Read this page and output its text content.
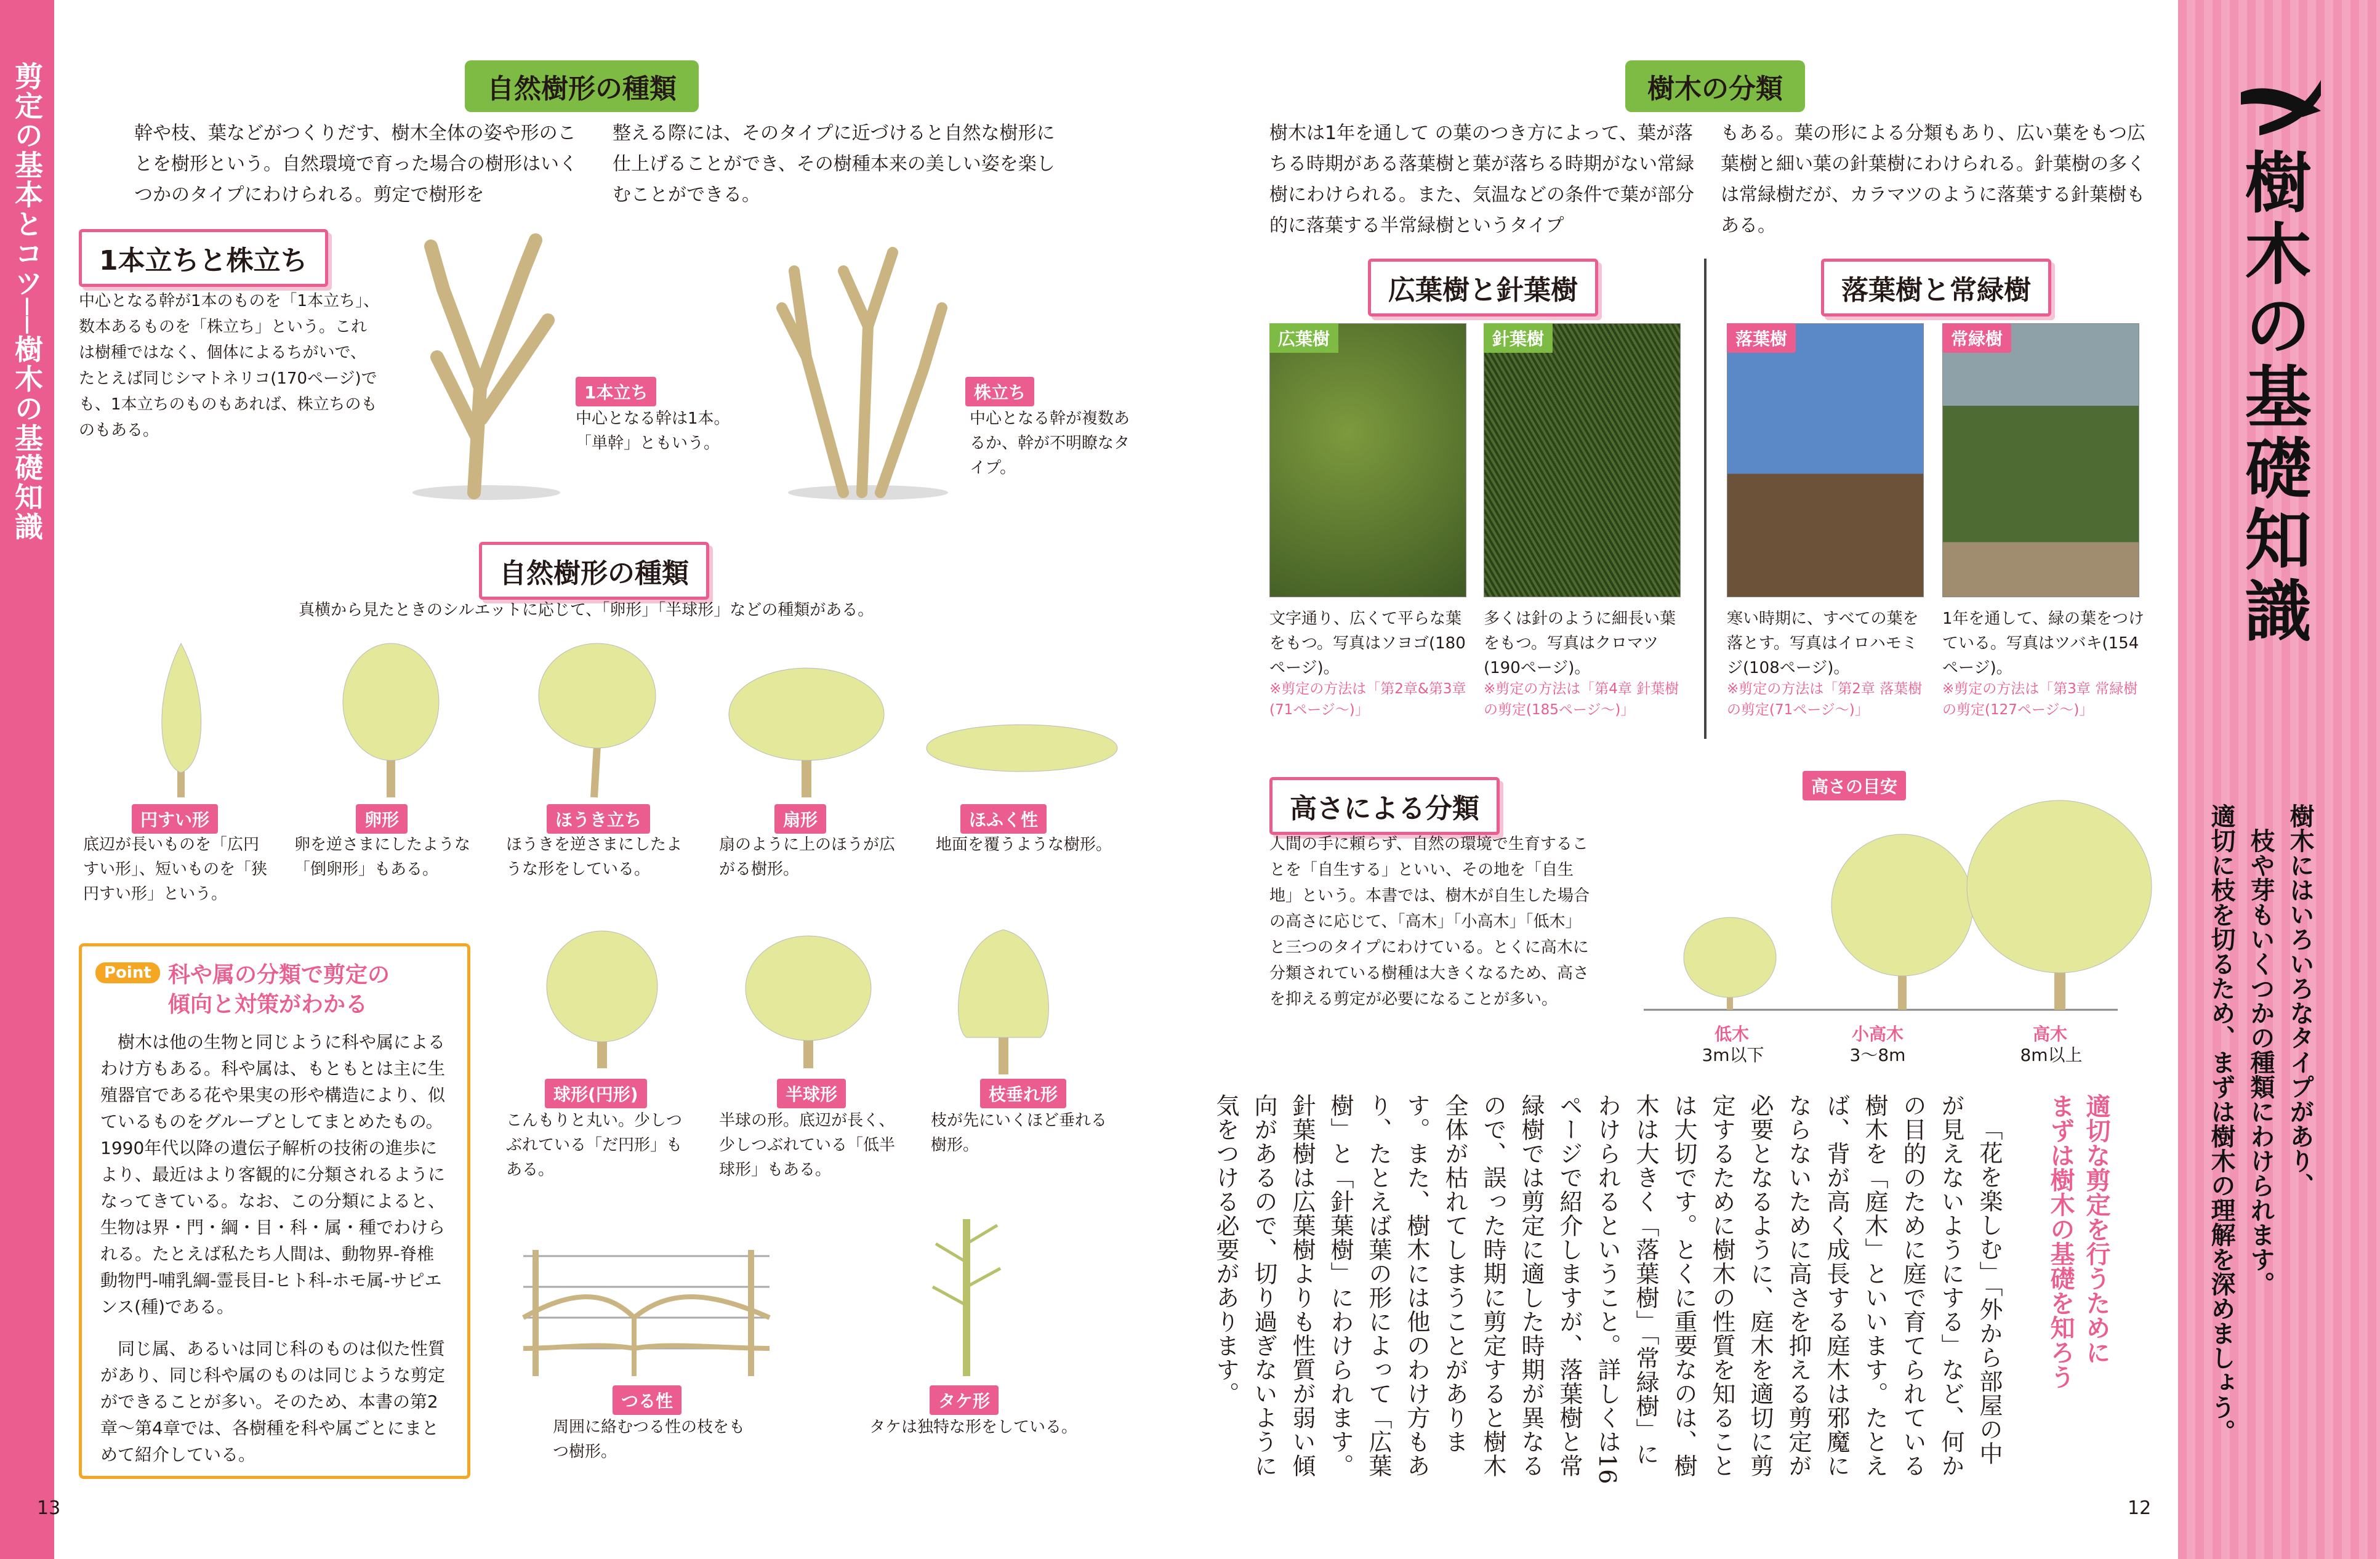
剪定の基本とコツ──樹木の基礎知識	自然樹形の種類
幹や枝、葉などがつくりだす、樹木全体の姿や形のことを樹形という。自然環境で育った場合の樹形はいくつかのタイプにわけられる。剪定で樹形を
整える際には、そのタイプに近づけると自然な樹形に仕上げることができ、その樹種本来の美しい姿を楽しむことができる。
1本立ちと株立ち
中心となる幹が1本のものを「1本立ち」、数本あるものを「株立ち」という。これは樹種ではなく、個体によるちがいで、たとえば同じシマトネリコ(170ページ)でも、1本立ちのものもあれば、株立ちのものもある。
1本立ち
中心となる幹は1本。「単幹」ともいう。
株立ち
中心となる幹が複数あるか、幹が不明瞭なタイプ。
自然樹形の種類
真横から見たときのシルエットに応じて、「卵形」「半球形」などの種類がある。
円すい形
底辺が長いものを「広円すい形」、短いものを「狭円すい形」という。
卵形
卵を逆さまにしたような「倒卵形」もある。
ほうき立ち
ほうきを逆さまにしたような形をしている。
扇形
扇のように上のほうが広がる樹形。
ほふく性
地面を覆うような樹形。
Point 科や属の分類で剪定の
傾向と対策がわかる
樹木は他の生物と同じように科や属によるわけ方もある。科や属は、もともとは主に生殖器官である花や果実の形や構造により、似ているものをグループとしてまとめたもの。1990年代以降の遺伝子解析の技術の進歩により、最近はより客観的に分類されるようになってきている。なお、この分類によると、生物は界・門・綱・目・科・属・種でわけられる。たとえば私たち人間は、動物界-脊椎動物門-哺乳綱-霊長目-ヒト科-ホモ属-サピエンス(種)である。
同じ属、あるいは同じ科のものは似た性質があり、同じ科や属のものは同じような剪定ができることが多い。そのため、本書の第2章〜第4章では、各樹種を科や属ごとにまとめて紹介している。
球形(円形)
こんもりと丸い。少しつぶれている「だ円形」もある。
半球形
半球の形。底辺が長く、少しつぶれている「低半球形」もある。
枝垂れ形
枝が先にいくほど垂れる樹形。
つる性
周囲に絡むつる性の枝をもつ樹形。
タケ形
タケは独特な形をしている。
13
樹木の分類
樹木は1年を通して の葉のつき方によって、葉が落ちる時期がある落葉樹と葉が落ちる時期がない常緑樹にわけられる。また、気温などの条件で葉が部分的に落葉する半常緑樹というタイプ
もある。葉の形による分類もあり、広い葉をもつ広葉樹と細い葉の針葉樹にわけられる。針葉樹の多くは常緑樹だが、カラマツのように落葉する針葉樹もある。
広葉樹と針葉樹	落葉樹と常緑樹
広葉樹
文字通り、広くて平らな葉をもつ。写真はソヨゴ(180ページ)。
※剪定の方法は「第2章&第3章(71ページ〜)」
針葉樹
多くは針のように細長い葉をもつ。写真はクロマツ(190ページ)。
※剪定の方法は「第4章 針葉樹の剪定(185ページ〜)」
落葉樹
寒い時期に、すべての葉を落とす。写真はイロハモミジ(108ページ)。
※剪定の方法は「第2章 落葉樹の剪定(71ページ〜)」
常緑樹
1年を通して、緑の葉をつけている。写真はツバキ(154ページ)。
※剪定の方法は「第3章 常緑樹の剪定(127ページ〜)」
高さによる分類
人間の手に頼らず、自然の環境で生育することを「自生する」といい、その地を「自生地」という。本書では、樹木が自生した場合の高さに応じて、「高木」「小高木」「低木」と三つのタイプにわけている。とくに高木に分類されている樹種は大きくなるため、高さを抑える剪定が必要になることが多い。
高さの目安
低木
3m以下
小高木
3〜8m
高木
8m以上
適切な剪定を行うために
まずは樹木の基礎を知ろう
「花を楽しむ」「外から部屋の中が見えないようにする」など、何かの目的のために庭で育てられている樹木を「庭木」といいます。たとえば、背が高く成長する庭木は邪魔にならないために高さを抑える剪定が必要となるように、庭木を適切に剪定するために樹木の性質を知ることは大切です。とくに重要なのは、樹木は大きく「落葉樹」「常緑樹」にわけられるということ。詳しくは16ページで紹介しますが、落葉樹と常緑樹では剪定に適した時期が異なるので、誤った時期に剪定すると樹木全体が枯れてしまうことがあります。また、樹木には他のわけ方もあり、たとえば葉の形によって「広葉樹」と「針葉樹」にわけられます。針葉樹は広葉樹よりも性質が弱い傾向があるので、切り過ぎないように気をつける必要があります。
樹木の基礎知識
樹木にはいろいろなタイプがあり、
枝や芽もいくつかの種類にわけられます。
適切に枝を切るため、まずは樹木の理解を深めましょう。
12
